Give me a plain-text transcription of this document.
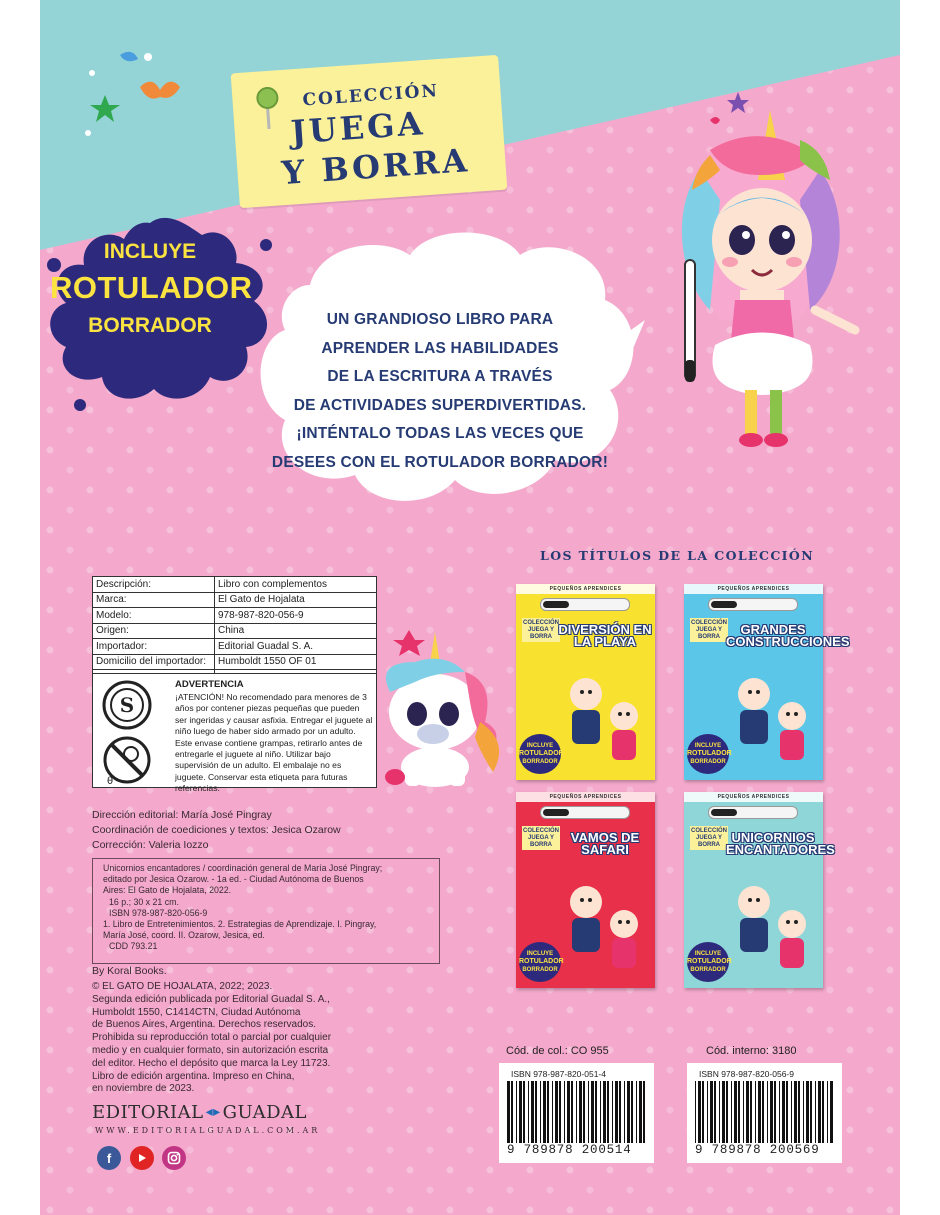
COLECCIÓN
JUEGA
Y BORRA
INCLUYE
ROTULADOR
BORRADOR	UN GRANDIOSO LIBRO PARA
APRENDER LAS HABILIDADES
DE LA ESCRITURA A TRAVÉS
DE ACTIVIDADES SUPERDIVERTIDAS.
¡INTÉNTALO TODAS LAS VECES QUE
DESEES CON EL ROTULADOR BORRADOR!
Descripción:	Libro con complementos
Marca:	El Gato de Hojalata
Modelo:	978-987-820-056-9
Origen:	China
Importador:	Editorial Guadal S. A.
Domicilio del importador:	Humboldt 1550 OF 01

S
θ
ADVERTENCIA
¡ATENCIÓN! No recomendado para menores de 3 años por contener piezas pequeñas que pueden ser ingeridas y causar asfixia. Entregar el juguete al niño luego de haber sido armado por un adulto. Este envase contiene grampas, retirarlo antes de entregarle el juguete al niño. Utilizar bajo supervisión de un adulto. El embalaje no es juguete. Conservar esta etiqueta para futuras referencias.
Dirección editorial: María José Pingray
Coordinación de coediciones y textos: Jesica Ozarow
Corrección: Valeria Iozzo
Unicornios encantadores / coordinación general de María José Pingray;
editado por Jesica Ozarow. - 1a ed. - Ciudad Autónoma de Buenos
Aires: El Gato de Hojalata, 2022.
16 p.; 30 x 21 cm.
ISBN 978-987-820-056-9
1. Libro de Entretenimientos. 2. Estrategias de Aprendizaje. I. Pingray,
María José, coord. II. Ozarow, Jesica, ed.
CDD 793.21
By Koral Books.
© EL GATO DE HOJALATA, 2022; 2023.
Segunda edición publicada por Editorial Guadal S. A.,
Humboldt 1550, C1414CTN, Ciudad Autónoma
de Buenos Aires, Argentina. Derechos reservados.
Prohibida su reproducción total o parcial por cualquier
medio y en cualquier formato, sin autorización escrita
del editor. Hecho el depósito que marca la Ley 11723.
Libro de edición argentina. Impreso en China,
en noviembre de 2023.
EDITORIAL ◂▸ GUADAL
WWW.EDITORIALGUADAL.COM.AR
f
LOS TÍTULOS DE LA COLECCIÓN
PEQUEÑOS APRENDICES
COLECCIÓN JUEGA Y BORRA DIVERSIÓN EN LA PLAYA
INCLUYE
ROTULADOR
BORRADOR
PEQUEÑOS APRENDICES
COLECCIÓN JUEGA Y BORRA	GRANDES CONSTRUCCIONES
INCLUYE
ROTULADOR
BORRADOR
PEQUEÑOS APRENDICES
COLECCIÓN JUEGA Y BORRA	VAMOS DE SAFARI
INCLUYE
ROTULADOR
BORRADOR
PEQUEÑOS APRENDICES
COLECCIÓN JUEGA Y BORRA UNICORNIOS ENCANTADORES
INCLUYE
ROTULADOR
BORRADOR
Cód. de col.: CO 955	Cód. interno: 3180
ISBN 978-987-820-051-4
9 789878 200514
ISBN 978-987-820-056-9
9 789878 200569
